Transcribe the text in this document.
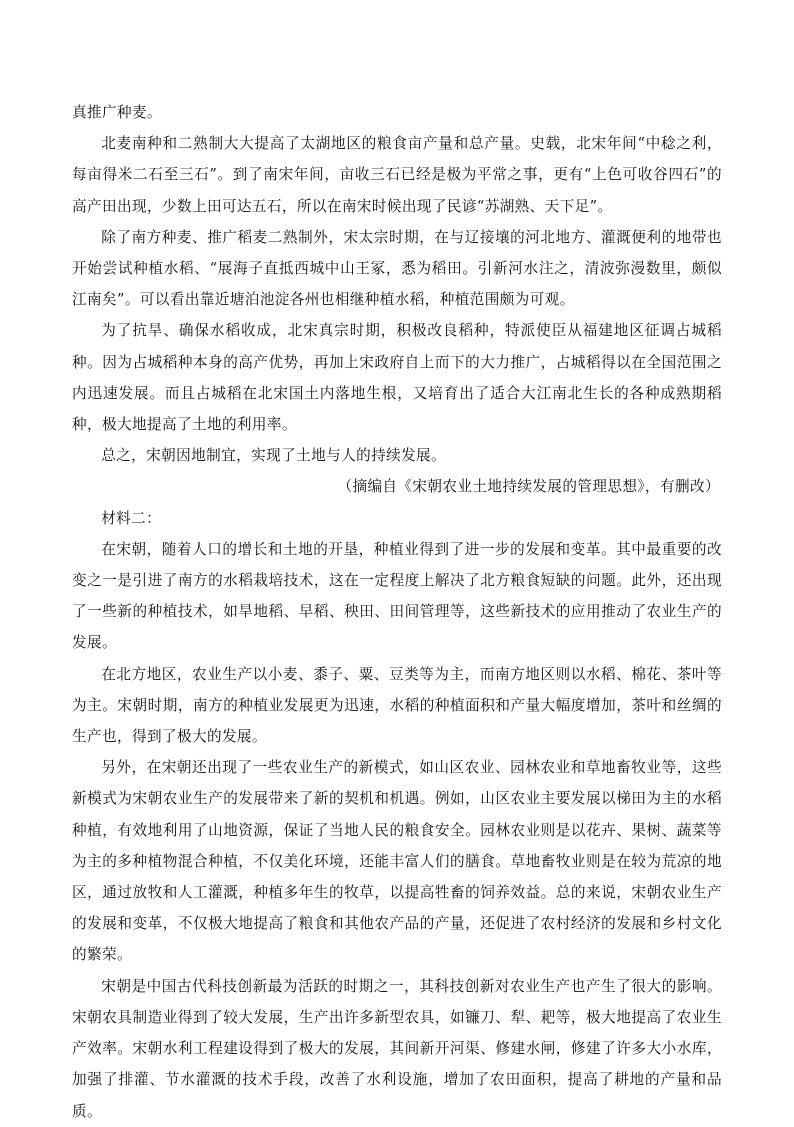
真推广种麦。

北麦南种和二熟制大大提高了太湖地区的粮食亩产量和总产量。史载，北宋年间“中稔之利，每亩得米二石至三石”。到了南宋年间，亩收三石已经是极为平常之事，更有“上色可收谷四石”的高产田出现，少数上田可达五石，所以在南宋时候出现了民谚“苏湖熟、天下足”。

除了南方种麦、推广稻麦二熟制外，宋太宗时期，在与辽接壤的河北地方、灌溉便利的地带也开始尝试种植水稻、“展海子直抵西城中山王冢，悉为稻田。引新河水注之，清波弥漫数里，颇似江南矣”。可以看出靠近塘泊池淀各州也相继种植水稻，种植范围颇为可观。

为了抗旱、确保水稻收成，北宋真宗时期，积极改良稻种，特派使臣从福建地区征调占城稻种。因为占城稻种本身的高产优势，再加上宋政府自上而下的大力推广，占城稻得以在全国范围之内迅速发展。而且占城稻在北宋国土内落地生根，又培育出了适合大江南北生长的各种成熟期稻种，极大地提高了土地的利用率。

总之，宋朝因地制宜，实现了土地与人的持续发展。

（摘编自《宋朝农业土地持续发展的管理思想》，有删改）

材料二：

在宋朝，随着人口的增长和土地的开垦，种植业得到了进一步的发展和变革。其中最重要的改变之一是引进了南方的水稻栽培技术，这在一定程度上解决了北方粮食短缺的问题。此外，还出现了一些新的种植技术，如旱地稻、早稻、秧田、田间管理等，这些新技术的应用推动了农业生产的发展。

在北方地区，农业生产以小麦、黍子、粟、豆类等为主，而南方地区则以水稻、棉花、茶叶等为主。宋朝时期，南方的种植业发展更为迅速，水稻的种植面积和产量大幅度增加，茶叶和丝绸的生产也，得到了极大的发展。

另外，在宋朝还出现了一些农业生产的新模式，如山区农业、园林农业和草地畜牧业等，这些新模式为宋朝农业生产的发展带来了新的契机和机遇。例如，山区农业主要发展以梯田为主的水稻种植，有效地利用了山地资源，保证了当地人民的粮食安全。园林农业则是以花卉、果树、蔬菜等为主的多种植物混合种植，不仅美化环境，还能丰富人们的膳食。草地畜牧业则是在较为荒凉的地区，通过放牧和人工灌溉，种植多年生的牧草，以提高牲畜的饲养效益。总的来说，宋朝农业生产的发展和变革，不仅极大地提高了粮食和其他农产品的产量，还促进了农村经济的发展和乡村文化的繁荣。

宋朝是中国古代科技创新最为活跃的时期之一，其科技创新对农业生产也产生了很大的影响。宋朝农具制造业得到了较大发展，生产出许多新型农具，如镰刀、犁、耙等，极大地提高了农业生产效率。宋朝水利工程建设得到了极大的发展，其间新开河渠、修建水闸，修建了许多大小水库，加强了排灌、节水灌溉的技术手段，改善了水利设施，增加了农田面积，提高了耕地的产量和品质。
